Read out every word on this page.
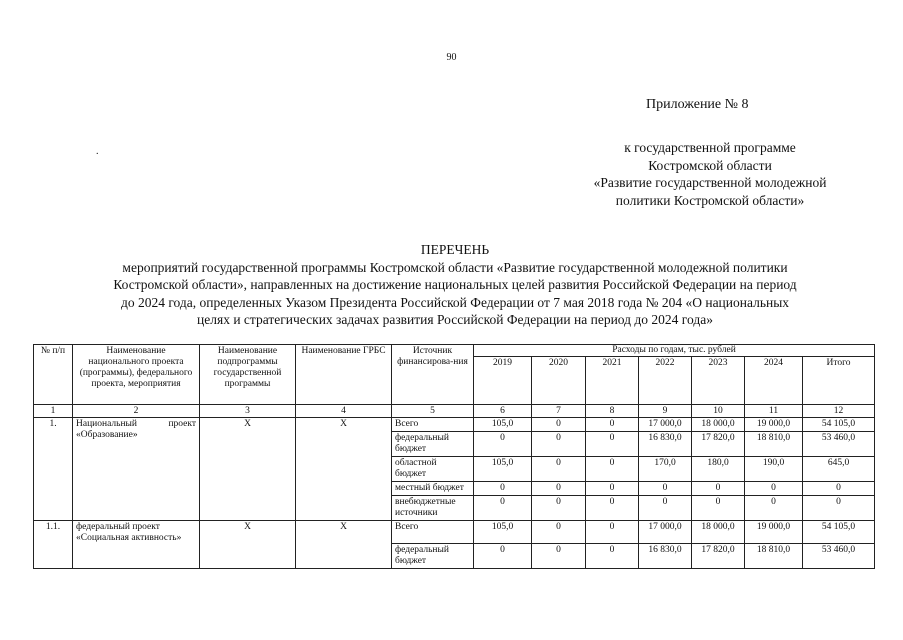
90
Приложение № 8
.	к государственной программе
Костромской области
«Развитие государственной молодежной
политики Костромской области»
ПЕРЕЧЕНЬ
мероприятий государственной программы Костромской области «Развитие государственной молодежной политики
Костромской области», направленных на достижение национальных целей развития Российской Федерации на период
до 2024 года, определенных Указом Президента Российской Федерации от 7 мая 2018 года № 204 «О национальных
целях и стратегических задачах развития Российской Федерации на период до 2024 года»
№ п/п	Наименование национального проекта (программы), федерального проекта, мероприятия	Наименование подпрограммы государственной программы	Наименование ГРБС	Источник финансирова-ния	Расходы по годам, тыс. рублей						
					2019	2020	2021	2022	2023	2024	Итого
1	2	3	4	5	6	7	8	9	10	11	12
1.	Национальный проект «Образование»	X	X	Всего	105,0	0	0	17 000,0	18 000,0	19 000,0	54 105,0
				федеральный бюджет	0	0	0	16 830,0	17 820,0	18 810,0	53 460,0
				областной бюджет	105,0	0	0	170,0	180,0	190,0	645,0
				местный бюджет	0	0	0	0	0	0	0
				внебюджетные источники	0	0	0	0	0	0	0
1.1.	федеральный проект «Социальная активность»	X	X	Всего	105,0	0	0	17 000,0	18 000,0	19 000,0	54 105,0
				федеральный бюджет	0	0	0	16 830,0	17 820,0	18 810,0	53 460,0
